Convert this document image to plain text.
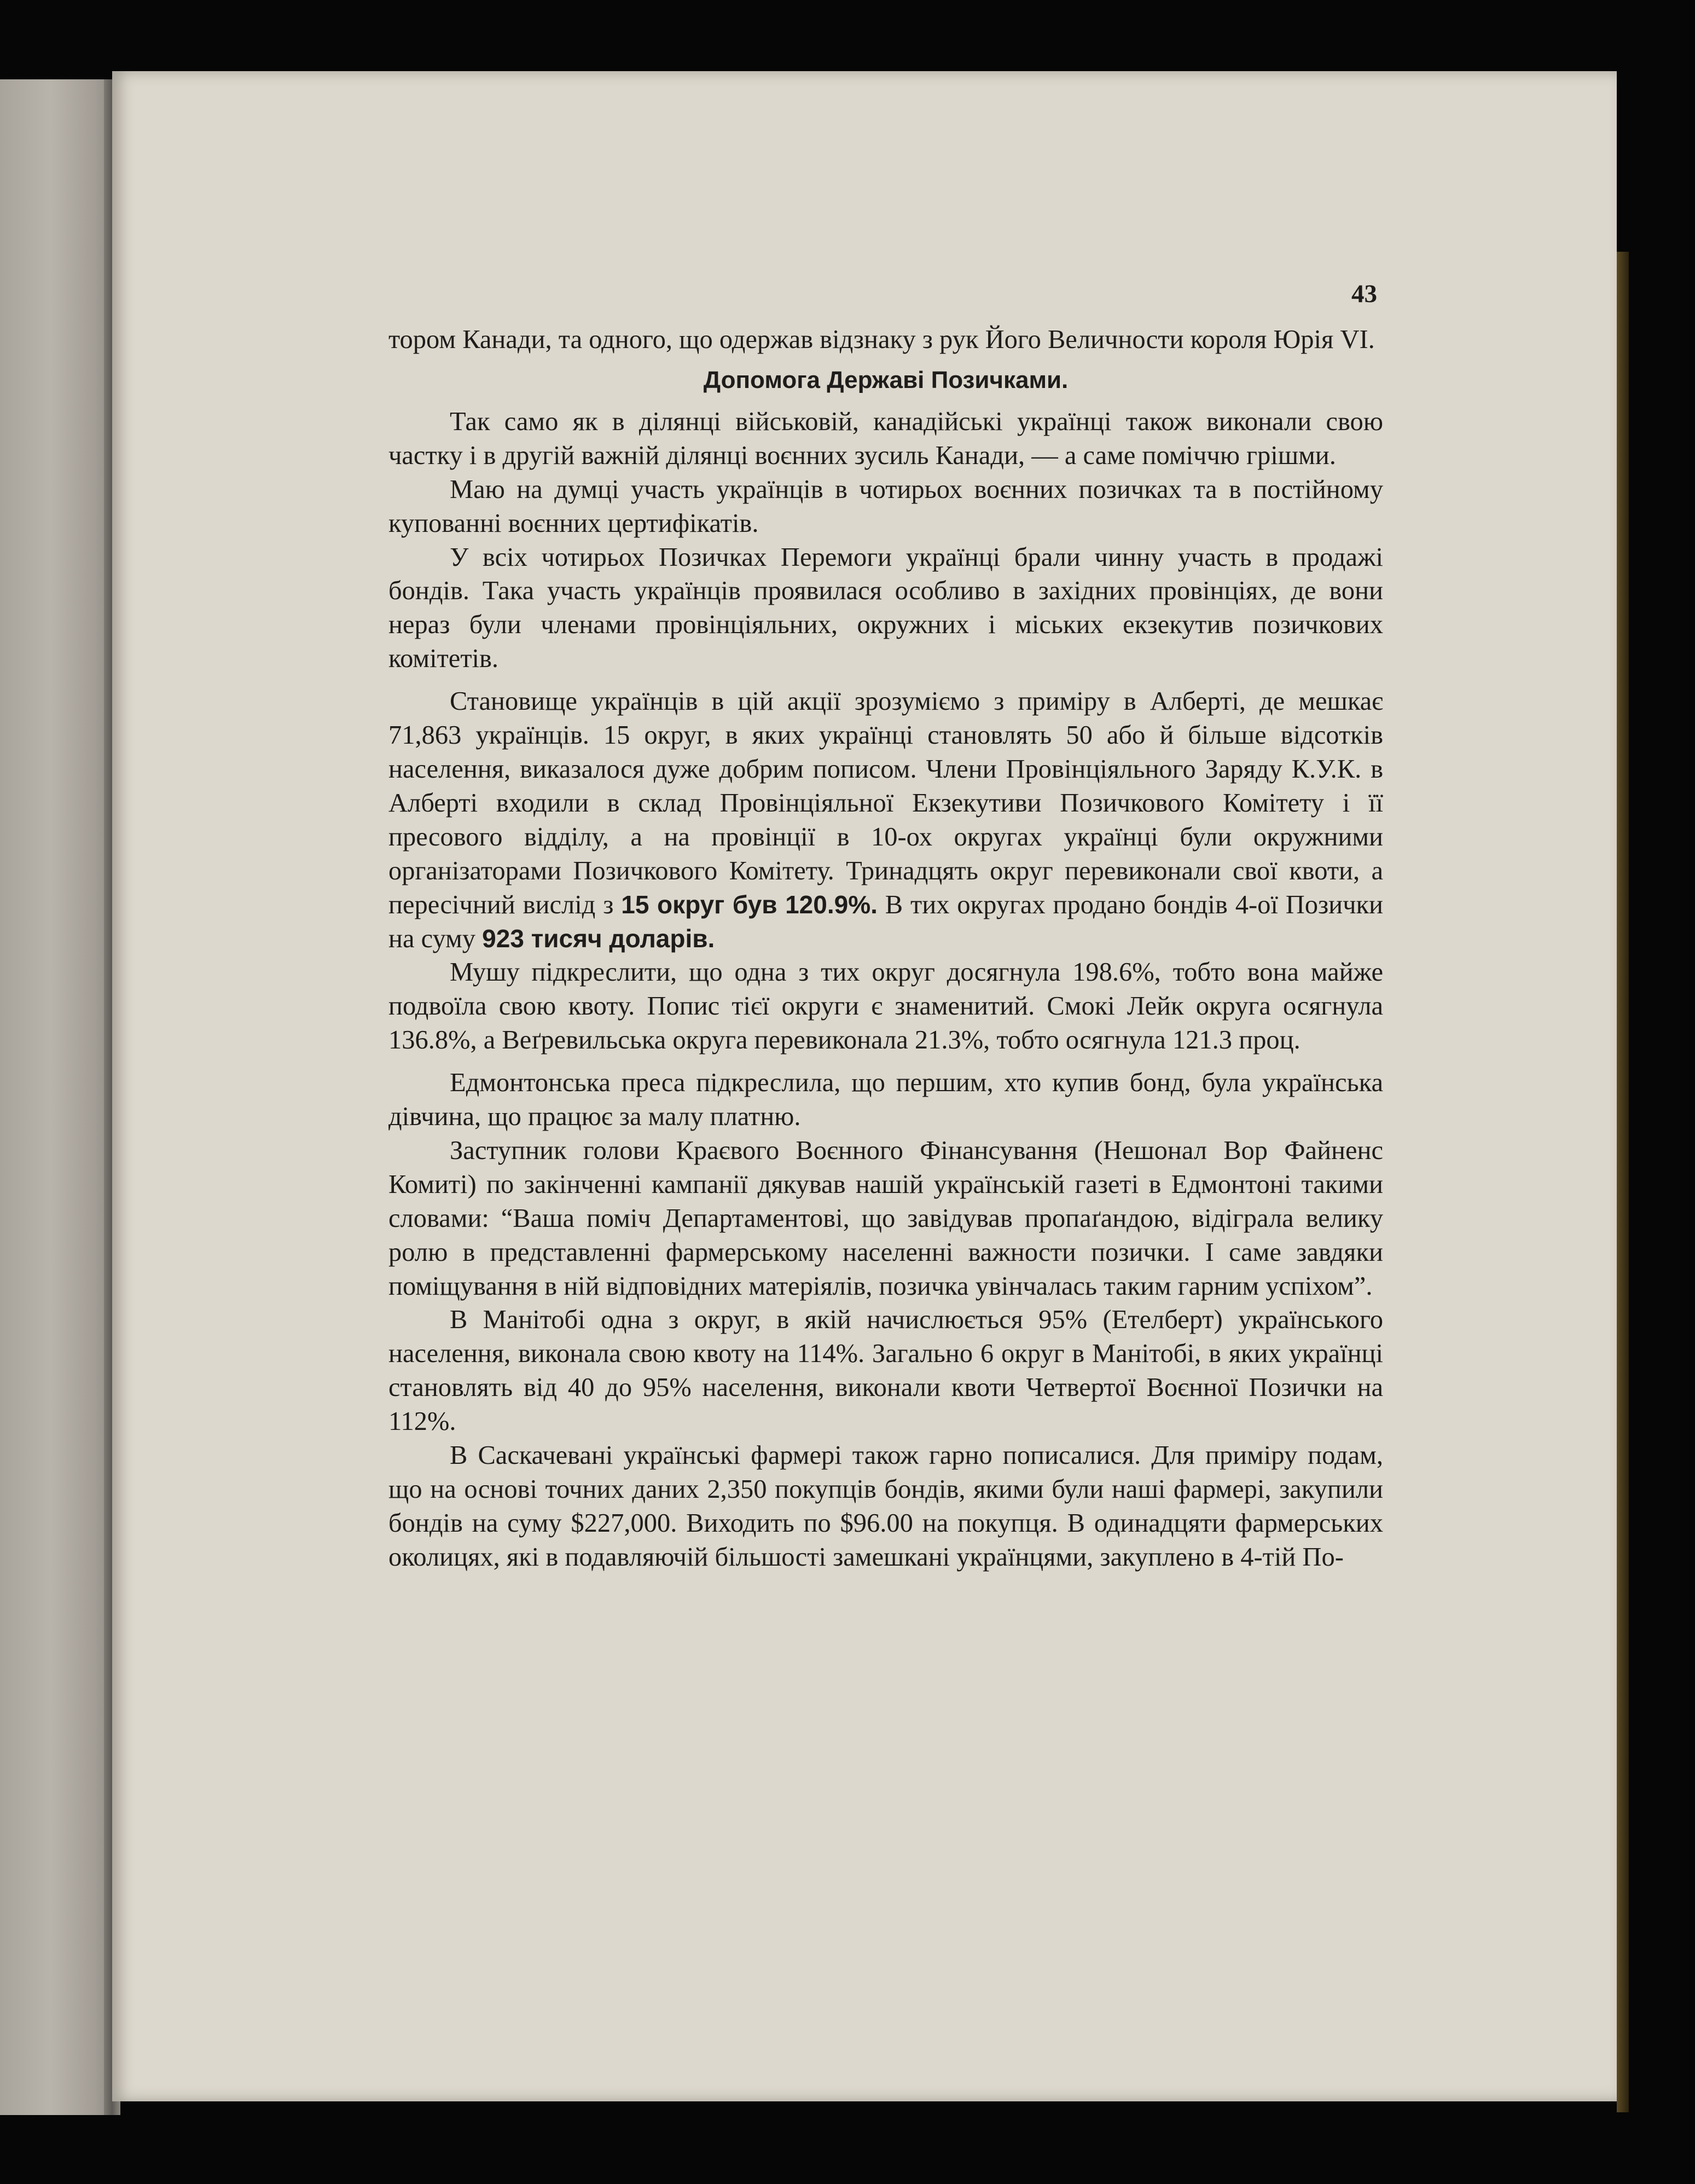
43

тором Канади, та одного, що одержав відзнаку з рук Його Величности короля Юрія VI.

Допомога Державі Позичками.

Так само як в ділянці військовій, канадійські українці також виконали свою частку і в другій важній ділянці воєнних зусиль Канади, — а саме поміччю грішми.

Маю на думці участь українців в чотирьох воєнних позичках та в постійному купованні воєнних цертифікатів.

У всіх чотирьох Позичках Перемоги українці брали чинну участь в продажі бондів. Така участь українців проявилася особливо в західних провінціях, де вони нераз були членами провінціяльних, окружних і міських екзекутив позичкових комітетів.

Становище українців в цій акції зрозуміємо з приміру в Алберті, де мешкає 71,863 українців. 15 округ, в яких українці становлять 50 або й більше відсотків населення, виказалося дуже добрим пописом. Члени Провінціяльного Заряду К.У.К. в Алберті входили в склад Провінціяльної Екзекутиви Позичкового Комітету і її пресового відділу, а на провінції в 10-ох округах українці були окружними організаторами Позичкового Комітету. Тринадцять округ перевиконали свої квоти, а пересічний вислід з 15 округ був 120.9%. В тих округах продано бондів 4-ої Позички на суму 923 тисяч доларів.

Мушу підкреслити, що одна з тих округ досягнула 198.6%, тобто вона майже подвоїла свою квоту. Попис тієї округи є знаменитий. Смокі Лейк округа осягнула 136.8%, а Веґревильська округа перевиконала 21.3%, тобто осягнула 121.3 проц.

Едмонтонська преса підкреслила, що першим, хто купив бонд, була українська дівчина, що працює за малу платню.

Заступник голови Краєвого Воєнного Фінансування (Нешонал Вор Файненс Комиті) по закінченні кампанії дякував нашій українській газеті в Едмонтоні такими словами: “Ваша поміч Департаментові, що завідував пропаґандою, відіграла велику ролю в представленні фармерському населенні важности позички. І саме завдяки поміщування в ній відповідних матеріялів, позичка увінчалась таким гарним успіхом”.

В Манітобі одна з округ, в якій начислюється 95% (Етелберт) українського населення, виконала свою квоту на 114%. Загально 6 округ в Манітобі, в яких українці становлять від 40 до 95% населення, виконали квоти Четвертої Воєнної Позички на 112%.

В Саскачевані українські фармері також гарно пописалися. Для приміру подам, що на основі точних даних 2,350 покупців бондів, якими були наші фармері, закупили бондів на суму $227,000. Виходить по $96.00 на покупця. В одинадцяти фармерських околицях, які в подавляючій більшості замешкані українцями, закуплено в 4-тій По-
